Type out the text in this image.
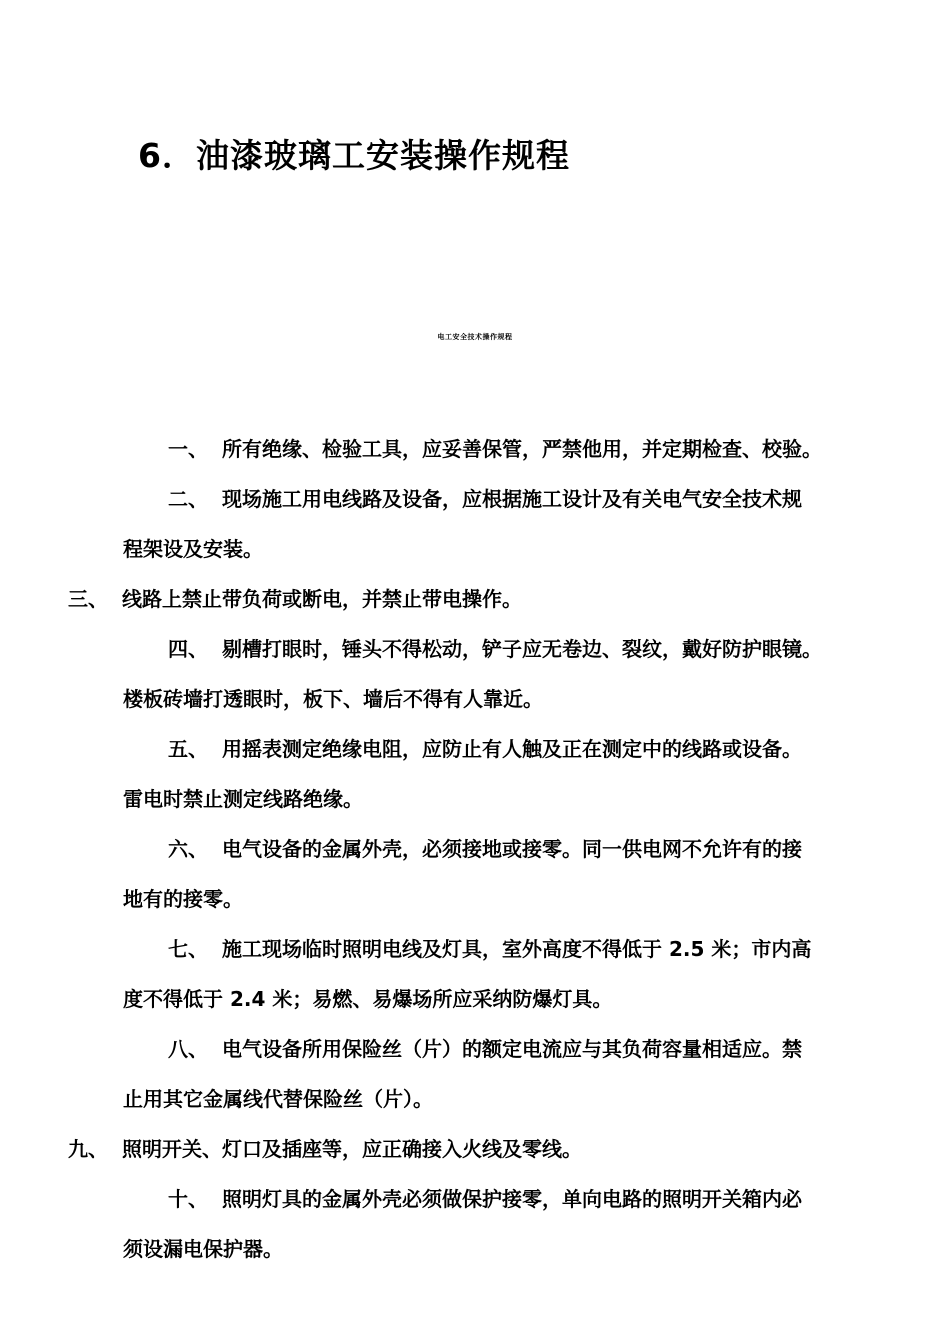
6．油漆玻璃工安装操作规程
电工安全技术操作规程
一、 所有绝缘、检验工具，应妥善保管，严禁他用，并定期检查、校验。
二、 现场施工用电线路及设备，应根据施工设计及有关电气安全技术规
程架设及安装。
三、 线路上禁止带负荷或断电，并禁止带电操作。
四、 剔槽打眼时，锤头不得松动，铲子应无卷边、裂纹，戴好防护眼镜。
楼板砖墙打透眼时，板下、墙后不得有人靠近。
五、 用摇表测定绝缘电阻，应防止有人触及正在测定中的线路或设备。
雷电时禁止测定线路绝缘。
六、 电气设备的金属外壳，必须接地或接零。同一供电网不允许有的接
地有的接零。
七、 施工现场临时照明电线及灯具，室外高度不得低于 2.5 米；市内高
度不得低于 2.4 米；易燃、易爆场所应采纳防爆灯具。
八、 电气设备所用保险丝（片）的额定电流应与其负荷容量相适应。禁
止用其它金属线代替保险丝（片）。
九、 照明开关、灯口及插座等，应正确接入火线及零线。
十、 照明灯具的金属外壳必须做保护接零，单向电路的照明开关箱内必
须设漏电保护器。
